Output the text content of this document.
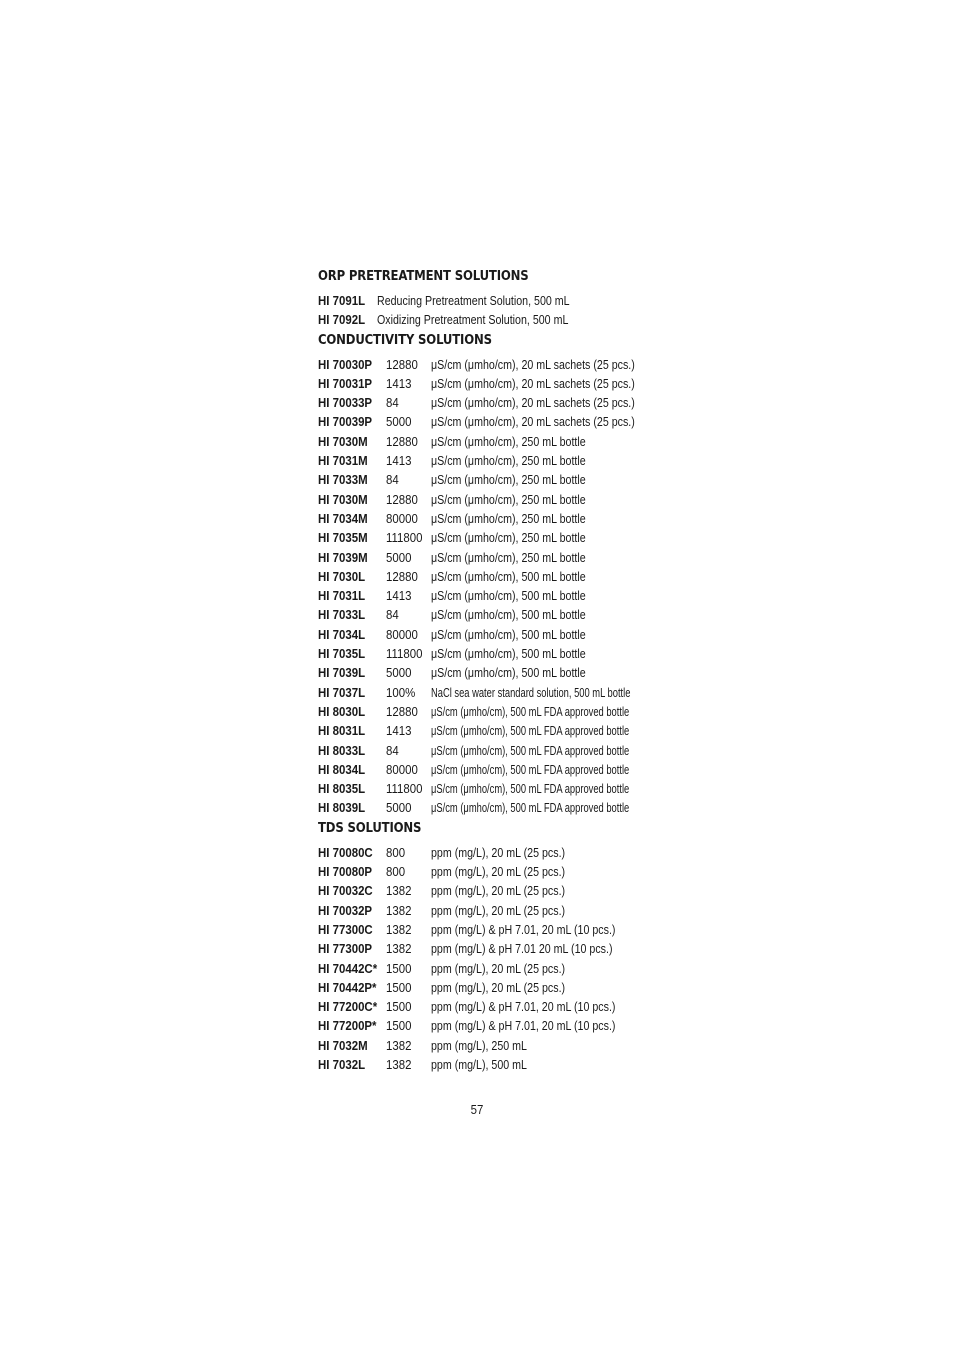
ORP PRETREATMENT SOLUTIONS
HI 7091L Reducing Pretreatment Solution, 500 mL
HI 7092L Oxidizing Pretreatment Solution, 500 mL
CONDUCTIVITY SOLUTIONS
HI 70030P 12880 μS/cm (μmho/cm), 20 mL sachets (25 pcs.)
HI 70031P 1413 μS/cm (μmho/cm), 20 mL sachets (25 pcs.)
HI 70033P 84 μS/cm (μmho/cm), 20 mL sachets (25 pcs.)
HI 70039P 5000 μS/cm (μmho/cm), 20 mL sachets (25 pcs.)
HI 7030M 12880 μS/cm (μmho/cm), 250 mL bottle
HI 7031M 1413 μS/cm (μmho/cm), 250 mL bottle
HI 7033M 84 μS/cm (μmho/cm), 250 mL bottle
HI 7030M 12880 μS/cm (μmho/cm), 250 mL bottle
HI 7034M 80000 μS/cm (μmho/cm), 250 mL bottle
HI 7035M 111800 μS/cm (μmho/cm), 250 mL bottle
HI 7039M 5000 μS/cm (μmho/cm), 250 mL bottle
HI 7030L 12880 μS/cm (μmho/cm), 500 mL bottle
HI 7031L 1413 μS/cm (μmho/cm), 500 mL bottle
HI 7033L 84 μS/cm (μmho/cm), 500 mL bottle
HI 7034L 80000 μS/cm (μmho/cm), 500 mL bottle
HI 7035L 111800 μS/cm (μmho/cm), 500 mL bottle
HI 7039L 5000 μS/cm (μmho/cm), 500 mL bottle
HI 7037L 100% NaCl sea water standard solution, 500 mL bottle
HI 8030L 12880 μS/cm (μmho/cm), 500 mL FDA approved bottle
HI 8031L 1413 μS/cm (μmho/cm), 500 mL FDA approved bottle
HI 8033L 84 μS/cm (μmho/cm), 500 mL FDA approved bottle
HI 8034L 80000 μS/cm (μmho/cm), 500 mL FDA approved bottle
HI 8035L 111800 μS/cm (μmho/cm), 500 mL FDA approved bottle
HI 8039L 5000 μS/cm (μmho/cm), 500 mL FDA approved bottle
TDS SOLUTIONS
HI 70080C 800 ppm (mg/L), 20 mL (25 pcs.)
HI 70080P 800 ppm (mg/L), 20 mL (25 pcs.)
HI 70032C 1382 ppm (mg/L), 20 mL (25 pcs.)
HI 70032P 1382 ppm (mg/L), 20 mL (25 pcs.)
HI 77300C 1382 ppm (mg/L) & pH 7.01, 20 mL (10 pcs.)
HI 77300P 1382 ppm (mg/L) & pH 7.01 20 mL (10 pcs.)
HI 70442C* 1500 ppm (mg/L), 20 mL (25 pcs.)
HI 70442P* 1500 ppm (mg/L), 20 mL (25 pcs.)
HI 77200C* 1500 ppm (mg/L) & pH 7.01, 20 mL (10 pcs.)
HI 77200P* 1500 ppm (mg/L) & pH 7.01, 20 mL (10 pcs.)
HI 7032M 1382 ppm (mg/L), 250 mL
HI 7032L 1382 ppm (mg/L), 500 mL
57
